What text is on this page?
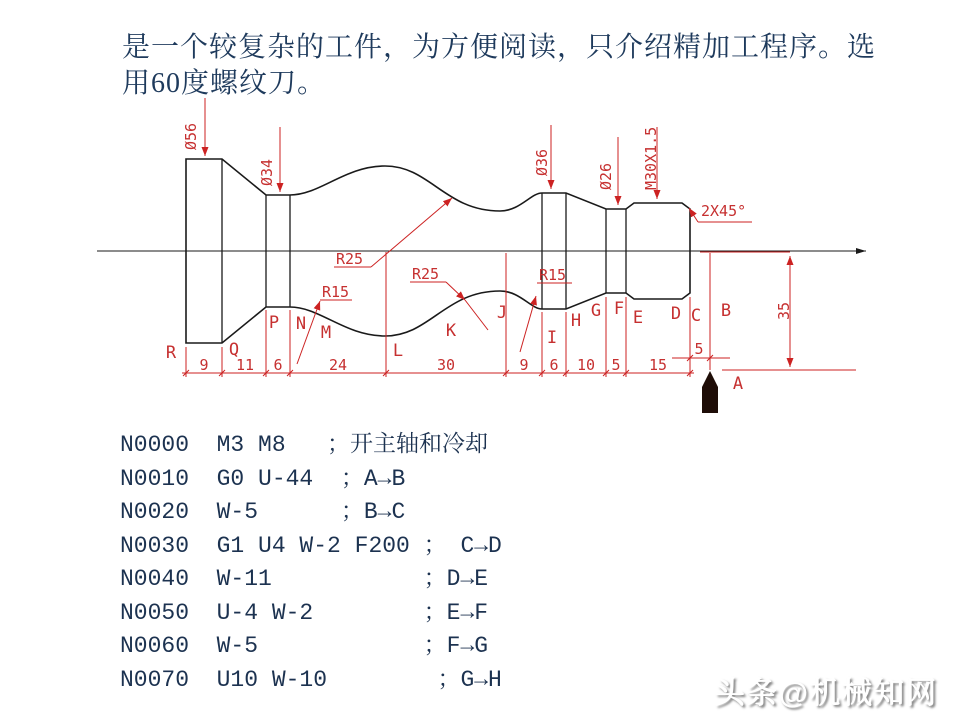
是一个较复杂的工件，为方便阅读，只介绍精加工程序。选
用60度螺纹刀。
Ø56
Ø34	Ø36
Ø26 M30X1.5
2X45°
R25
R15
R25	R15
5
35
9 11 6	24	30	9 6 10 5 15
R	Q
P N M
L
K
J
I
H G F E D C B
A
N0000  M3 M8   ；开主轴和冷却
N0010  G0 U-44  ；A→B
N0020  W-5      ；B→C
N0030  G1 U4 W-2 F200 ； C→D
N0040  W-11           ；D→E
N0050  U-4 W-2        ；E→F
N0060  W-5            ；F→G
N0070  U10 W-10        ；G→H	头条@机械知网
